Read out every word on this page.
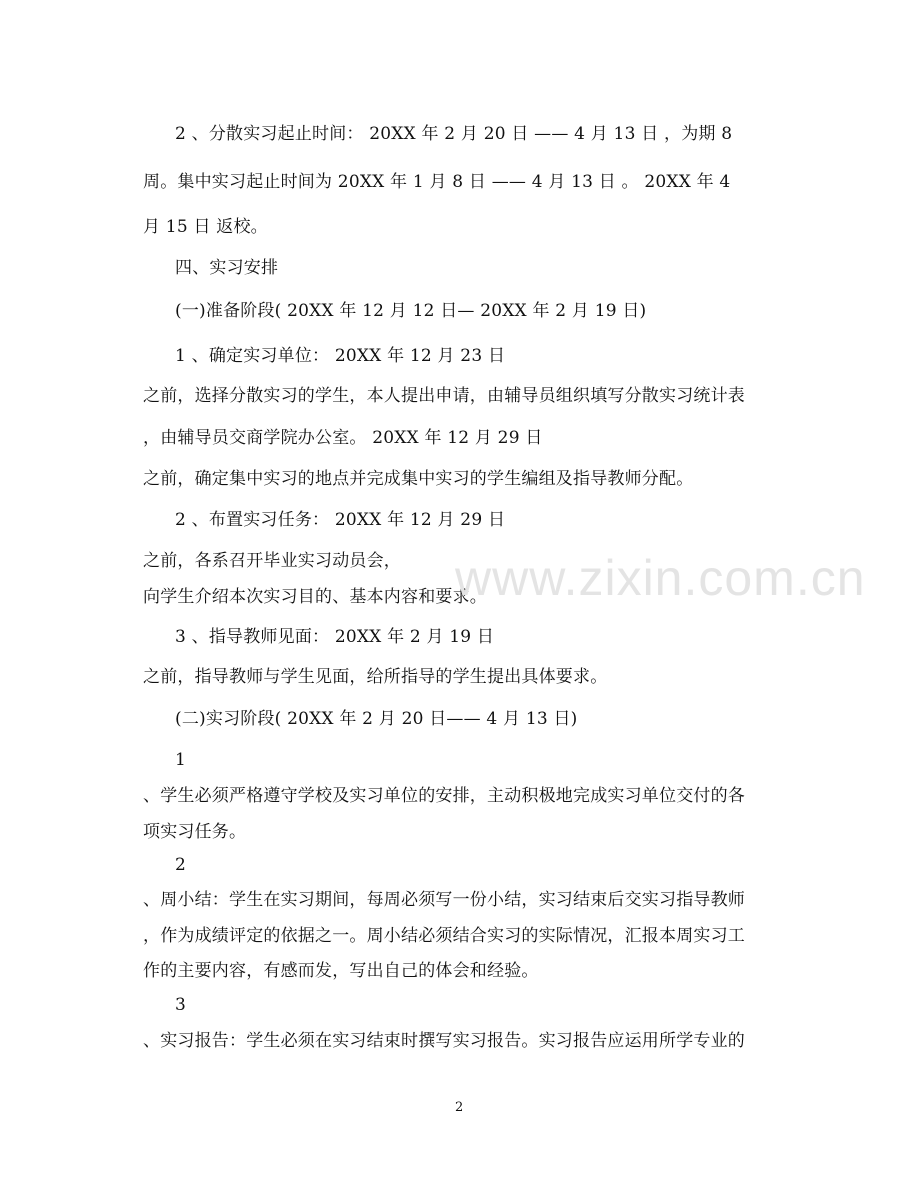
2 、分散实习起止时间： 20XX 年 2 月 20 日 —— 4 月 13 日 ，为期 8
周。集中实习起止时间为 20XX 年 1 月 8 日 —— 4 月 13 日 。 20XX 年 4
月 15 日 返校。
四、实习安排
(一)准备阶段( 20XX 年 12 月 12 日— 20XX 年 2 月 19 日)
1 、确定实习单位： 20XX 年 12 月 23 日
之前，选择分散实习的学生，本人提出申请，由辅导员组织填写分散实习统计表
，由辅导员交商学院办公室。 20XX 年 12 月 29 日
之前，确定集中实习的地点并完成集中实习的学生编组及指导教师分配。
2 、布置实习任务： 20XX 年 12 月 29 日
之前，各系召开毕业实习动员会，
向学生介绍本次实习目的、基本内容和要求。
3 、指导教师见面： 20XX 年 2 月 19 日
之前，指导教师与学生见面，给所指导的学生提出具体要求。
(二)实习阶段( 20XX 年 2 月 20 日—— 4 月 13 日)
1
、学生必须严格遵守学校及实习单位的安排，主动积极地完成实习单位交付的各
项实习任务。
2
、周小结：学生在实习期间，每周必须写一份小结，实习结束后交实习指导教师
，作为成绩评定的依据之一。周小结必须结合实习的实际情况，汇报本周实习工
作的主要内容，有感而发，写出自己的体会和经验。
3
、实习报告：学生必须在实习结束时撰写实习报告。实习报告应运用所学专业的
www.zixin.com.cn
2
